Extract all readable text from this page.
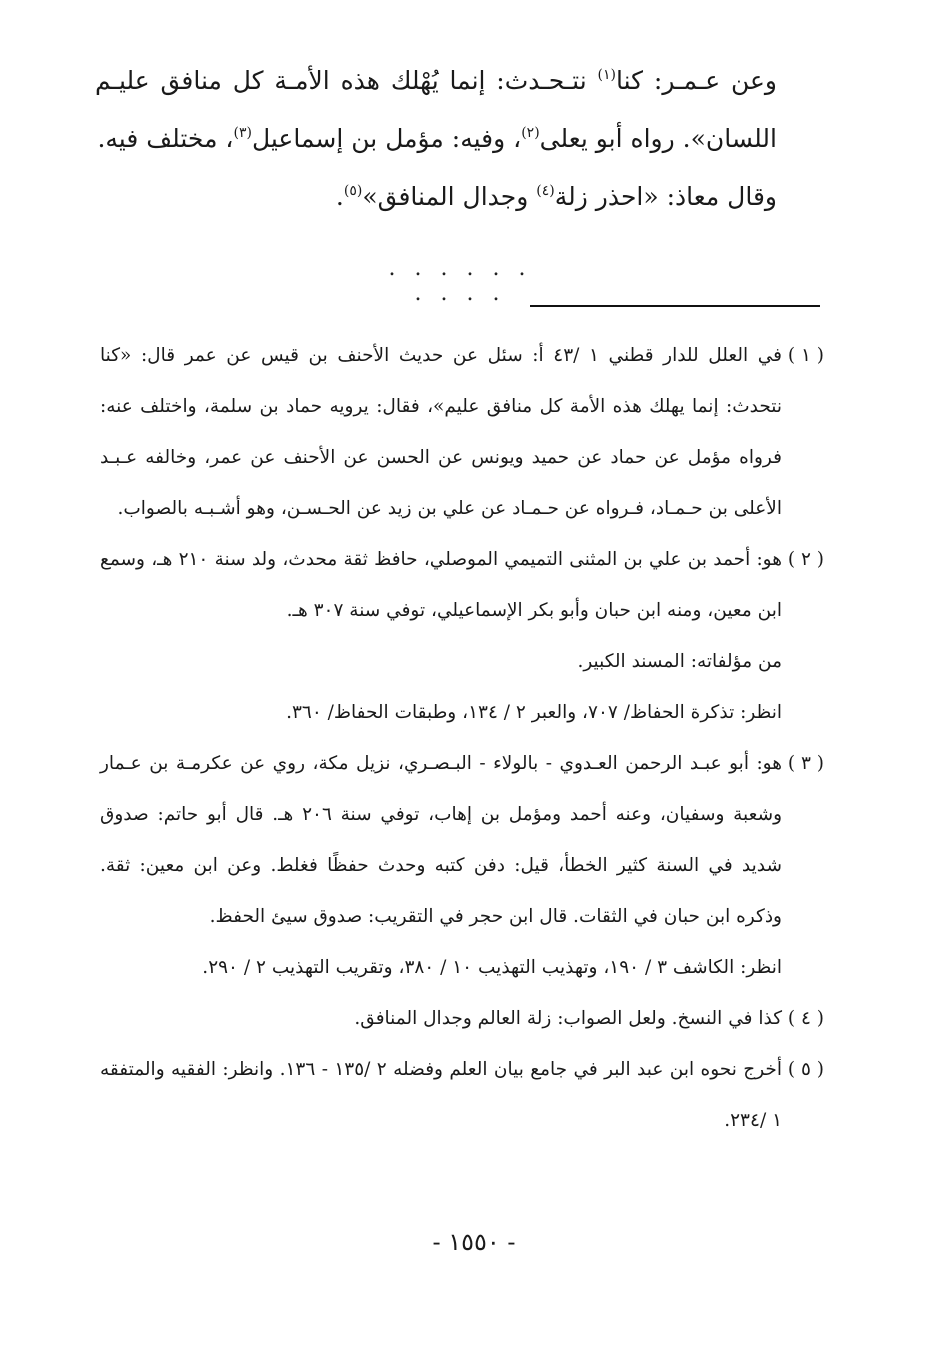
وعن عـمـر: كنا$^{(١)}$ نتـحـدث: إنما يُهْلك هذه الأمـة كل منافق عليـم اللسان». رواه أبو يعلى$^{(٢)}$، وفيه: مؤمل بن إسماعيل$^{(٣)}$، مختلف فيه.

وقال معاذ: «احذر زلة$^{(٤)}$ وجدال المنافق»$^{(٥)}$.

. . . . . . . . . .
( ١ )
في العلل للدار قطني ١ /٤٣ أ: سئل عن حديث الأحنف بن قيس عن عمر قال: «كنا نتحدث: إنما يهلك هذه الأمة كل منافق عليم»، فقال: يرويه حماد بن سلمة، واختلف عنه: فرواه مؤمل عن حماد عن حميد ويونس عن الحسن عن الأحنف عن عمر، وخالفه عـبـد الأعلى بن حـمـاد، فـرواه عن حـمـاد عن علي بن زيد عن الحـسـن، وهو أشـبـه بالصواب.
( ٢ )
هو: أحمد بن علي بن المثنى التميمي الموصلي، حافظ ثقة محدث، ولد سنة ٢١٠ هـ، وسمع ابن معين، ومنه ابن حبان وأبو بكر الإسماعيلي، توفي سنة ٣٠٧ هـ.
من مؤلفاته: المسند الكبير.
انظر: تذكرة الحفاظ/ ٧٠٧، والعبر ٢ / ١٣٤، وطبقات الحفاظ/ ٣٦٠.
( ٣ )
هو: أبو عبـد الرحمن العـدوي - بالولاء - البـصـري، نزيل مكة، روي عن عكرمـة بن عـمار وشعبة وسفيان، وعنه أحمد ومؤمل بن إهاب، توفي سنة ٢٠٦ هـ. قال أبو حاتم: صدوق شديد في السنة كثير الخطأ، قيل: دفن كتبه وحدث حفظًا فغلط. وعن ابن معين: ثقة. وذكره ابن حبان في الثقات. قال ابن حجر في التقريب: صدوق سيئ الحفظ.
انظر: الكاشف ٣ / ١٩٠، وتهذيب التهذيب ١٠ / ٣٨٠، وتقريب التهذيب ٢ / ٢٩٠.
( ٤ )
كذا في النسخ. ولعل الصواب: زلة العالم وجدال المنافق.
( ٥ )
أخرج نحوه ابن عبد البر في جامع بيان العلم وفضله ٢ /١٣٥ - ١٣٦. وانظر: الفقيه والمتفقه ١ /٢٣٤.
- ١٥٥٠ -
